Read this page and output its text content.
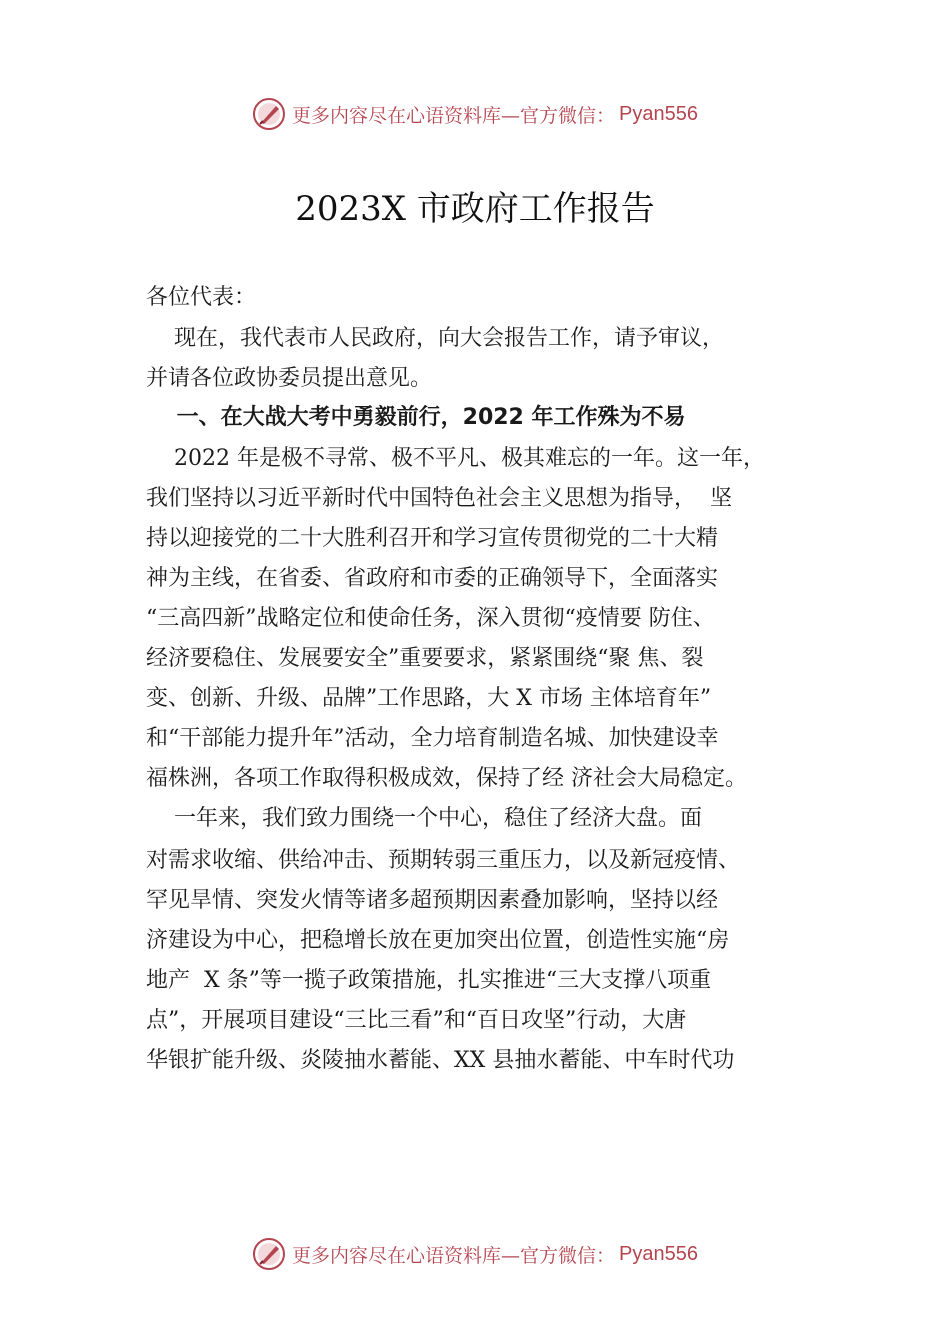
更多内容尽在心语资料库—官方微信： Pyan556
2023X 市政府工作报告
各位代表：
现在，我代表市人民政府，向大会报告工作，请予审议，
并请各位政协委员提出意见。
一、在大战大考中勇毅前行，2022 年工作殊为不易
2022 年是极不寻常、极不平凡、极其难忘的一年。这一年，
我们坚持以习近平新时代中国特色社会主义思想为指导，  坚
持以迎接党的二十大胜利召开和学习宣传贯彻党的二十大精
神为主线，在省委、省政府和市委的正确领导下，全面落实
“三高四新”战略定位和使命任务，深入贯彻“疫情要 防住、
经济要稳住、发展要安全”重要要求，紧紧围绕“聚 焦、裂
变、创新、升级、品牌”工作思路，大 X 市场 主体培育年”
和“干部能力提升年”活动，全力培育制造名城、加快建设幸
福株洲，各项工作取得积极成效，保持了经 济社会大局稳定。
一年来，我们致力围绕一个中心，稳住了经济大盘。面
对需求收缩、供给冲击、预期转弱三重压力，以及新冠疫情、
罕见旱情、突发火情等诸多超预期因素叠加影响，坚持以经
济建设为中心，把稳增长放在更加突出位置，创造性实施“房
地产  X 条”等一揽子政策措施，扎实推进“三大支撑八项重
点”，开展项目建设“三比三看”和“百日攻坚”行动，大唐
华银扩能升级、炎陵抽水蓄能、XX 县抽水蓄能、中车时代功
更多内容尽在心语资料库—官方微信： Pyan556
